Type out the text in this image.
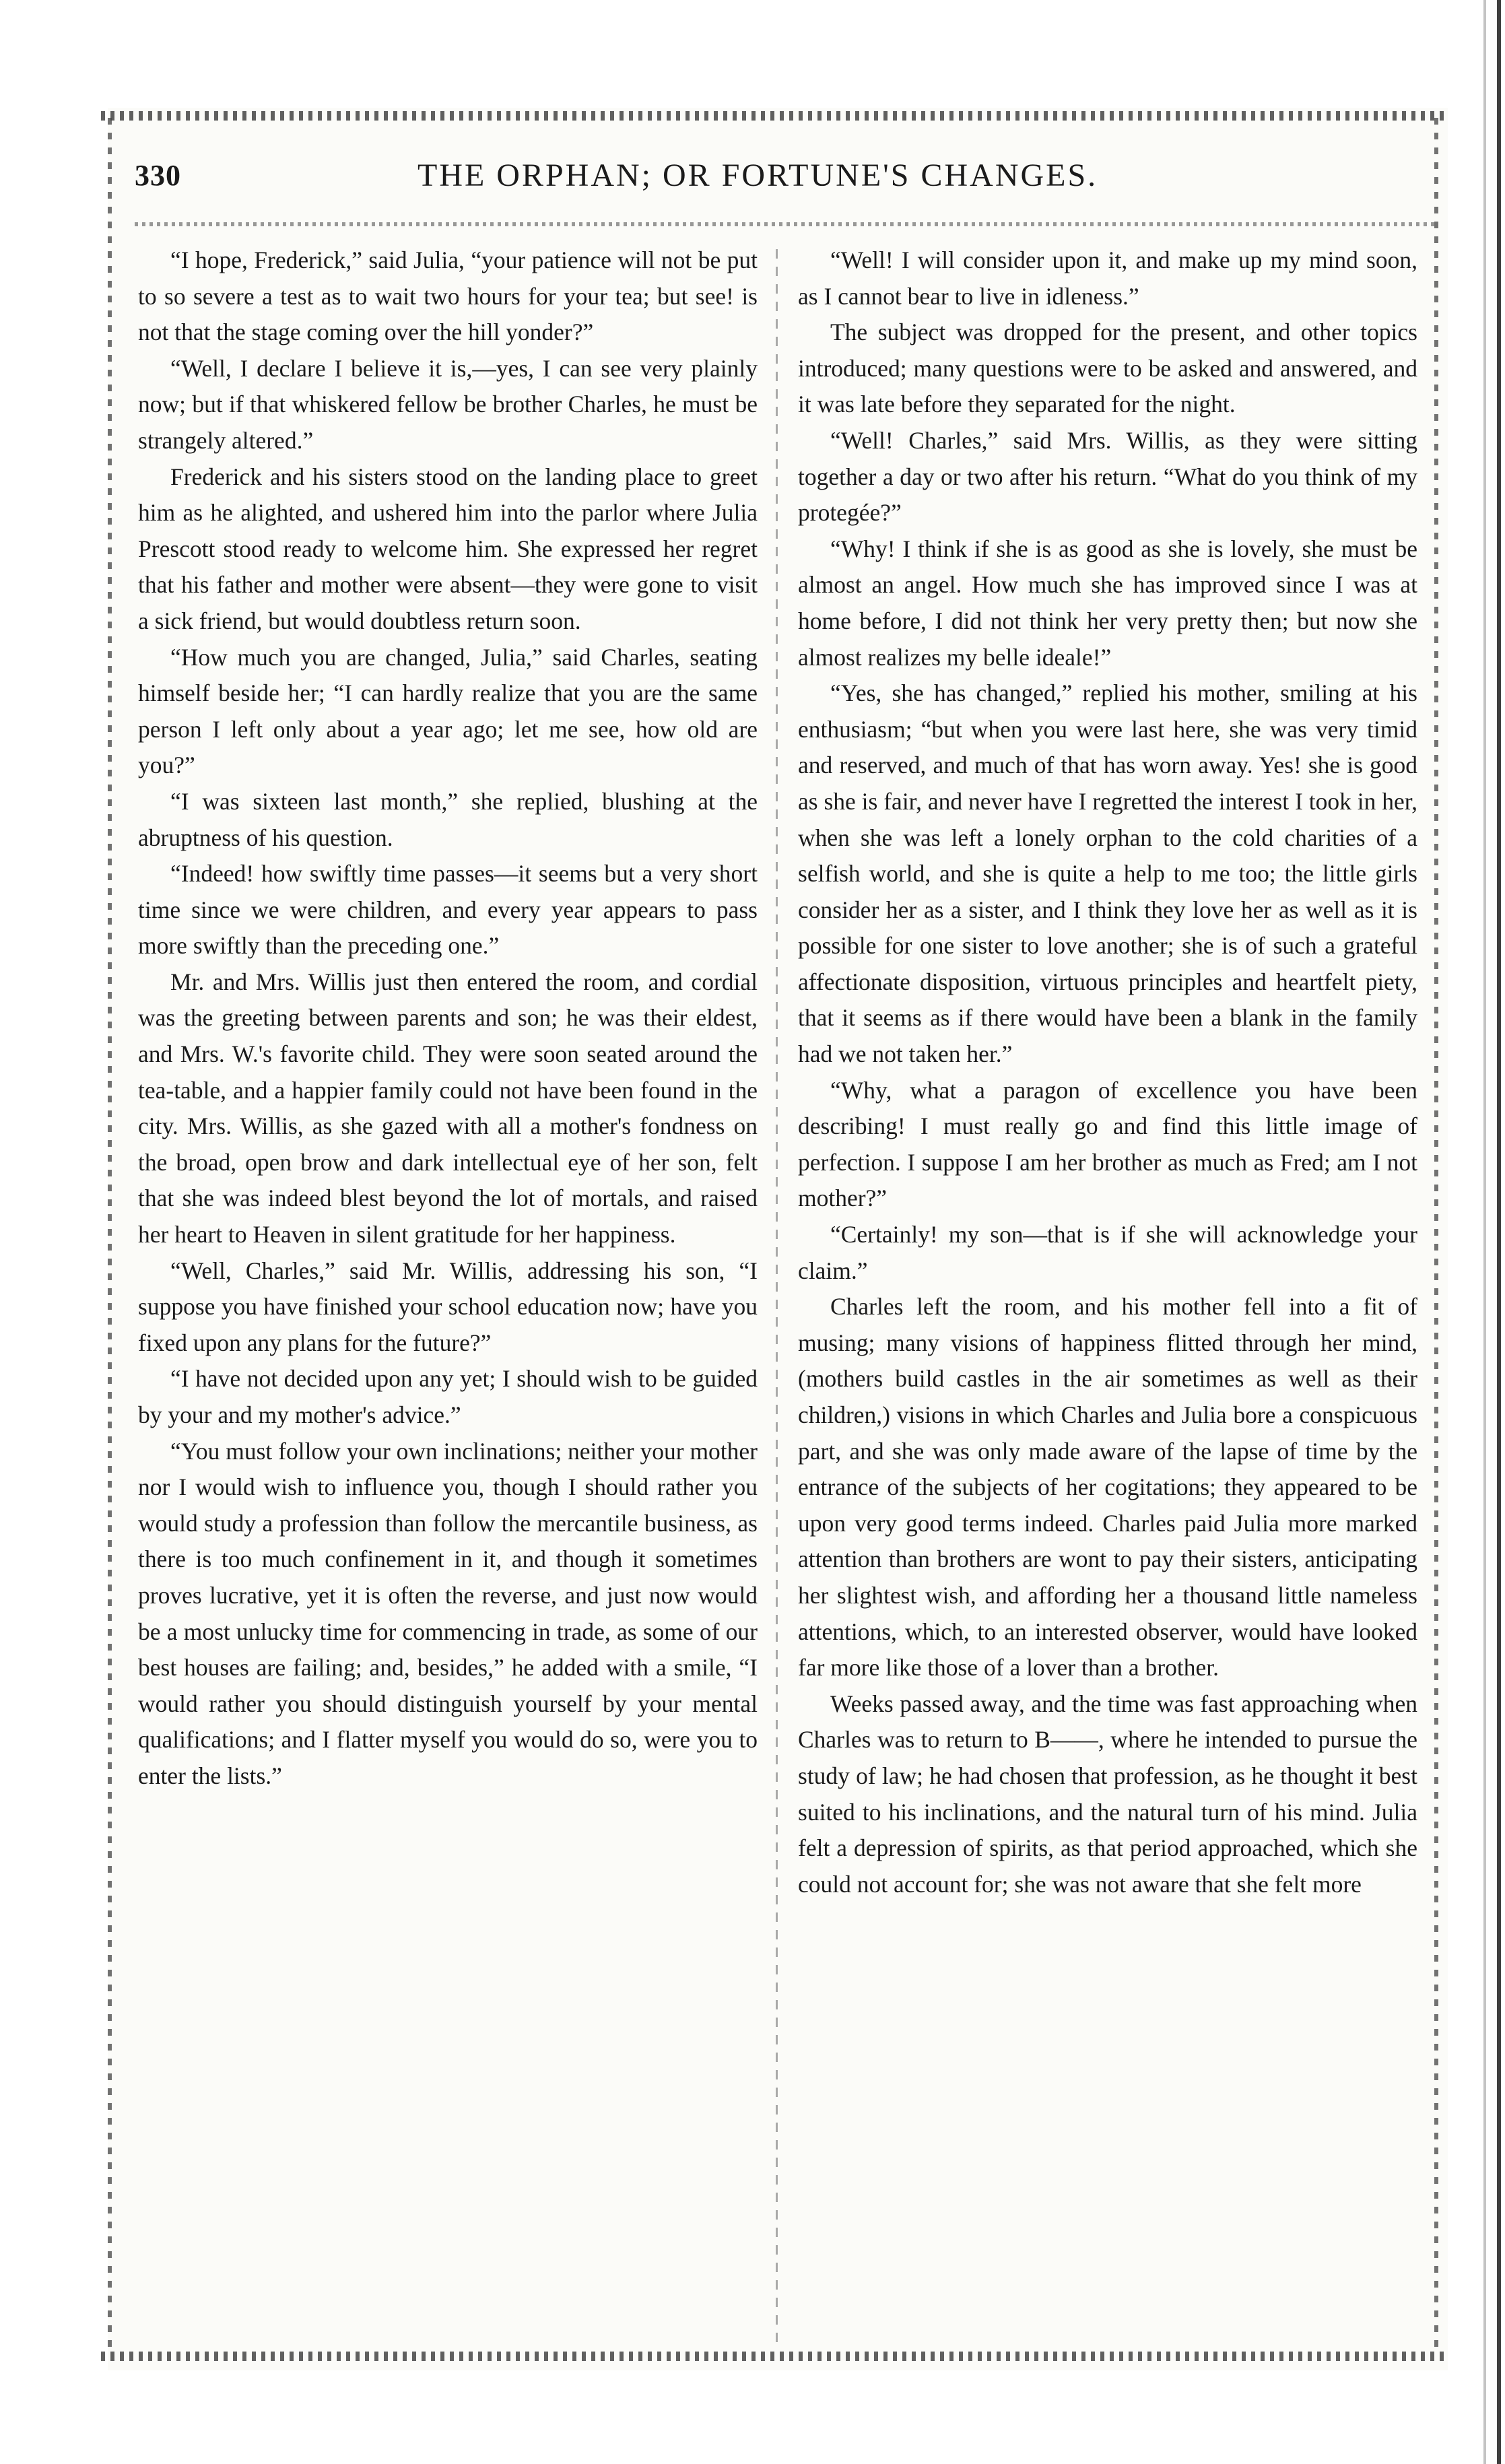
330	THE ORPHAN; OR FORTUNE'S CHANGES.

“I hope, Frederick,” said Julia, “your patience will not be put to so severe a test as to wait two hours for your tea; but see! is not that the stage coming over the hill yonder?”

“Well, I declare I believe it is,—yes, I can see very plainly now; but if that whiskered fellow be brother Charles, he must be strangely altered.”

Frederick and his sisters stood on the landing place to greet him as he alighted, and ushered him into the parlor where Julia Prescott stood ready to welcome him. She expressed her regret that his father and mother were absent—they were gone to visit a sick friend, but would doubtless return soon.

“How much you are changed, Julia,” said Charles, seating himself beside her; “I can hardly realize that you are the same person I left only about a year ago; let me see, how old are you?”

“I was sixteen last month,” she replied, blushing at the abruptness of his question.

“Indeed! how swiftly time passes—it seems but a very short time since we were children, and every year appears to pass more swiftly than the preceding one.”

Mr. and Mrs. Willis just then entered the room, and cordial was the greeting between parents and son; he was their eldest, and Mrs. W.'s favorite child. They were soon seated around the tea-table, and a happier family could not have been found in the city. Mrs. Willis, as she gazed with all a mother's fondness on the broad, open brow and dark intellectual eye of her son, felt that she was indeed blest beyond the lot of mortals, and raised her heart to Heaven in silent gratitude for her happiness.

“Well, Charles,” said Mr. Willis, addressing his son, “I suppose you have finished your school education now; have you fixed upon any plans for the future?”

“I have not decided upon any yet; I should wish to be guided by your and my mother's advice.”

“You must follow your own inclinations; neither your mother nor I would wish to influence you, though I should rather you would study a profession than follow the mercantile business, as there is too much confinement in it, and though it sometimes proves lucrative, yet it is often the reverse, and just now would be a most unlucky time for commencing in trade, as some of our best houses are failing; and, besides,” he added with a smile, “I would rather you should distinguish yourself by your mental qualifications; and I flatter myself you would do so, were you to enter the lists.”

“Well! I will consider upon it, and make up my mind soon, as I cannot bear to live in idleness.”

The subject was dropped for the present, and other topics introduced; many questions were to be asked and answered, and it was late before they separated for the night.

“Well! Charles,” said Mrs. Willis, as they were sitting together a day or two after his return. “What do you think of my protegée?”

“Why! I think if she is as good as she is lovely, she must be almost an angel. How much she has improved since I was at home before, I did not think her very pretty then; but now she almost realizes my belle ideale!”

“Yes, she has changed,” replied his mother, smiling at his enthusiasm; “but when you were last here, she was very timid and reserved, and much of that has worn away. Yes! she is good as she is fair, and never have I regretted the interest I took in her, when she was left a lonely orphan to the cold charities of a selfish world, and she is quite a help to me too; the little girls consider her as a sister, and I think they love her as well as it is possible for one sister to love another; she is of such a grateful affectionate disposition, virtuous principles and heartfelt piety, that it seems as if there would have been a blank in the family had we not taken her.”

“Why, what a paragon of excellence you have been describing! I must really go and find this little image of perfection. I suppose I am her brother as much as Fred; am I not mother?”

“Certainly! my son—that is if she will acknowledge your claim.”

Charles left the room, and his mother fell into a fit of musing; many visions of happiness flitted through her mind, (mothers build castles in the air sometimes as well as their children,) visions in which Charles and Julia bore a conspicuous part, and she was only made aware of the lapse of time by the entrance of the subjects of her cogitations; they appeared to be upon very good terms indeed. Charles paid Julia more marked attention than brothers are wont to pay their sisters, anticipating her slightest wish, and affording her a thousand little nameless attentions, which, to an interested observer, would have looked far more like those of a lover than a brother.

Weeks passed away, and the time was fast approaching when Charles was to return to B——, where he intended to pursue the study of law; he had chosen that profession, as he thought it best suited to his inclinations, and the natural turn of his mind. Julia felt a depression of spirits, as that period approached, which she could not account for; she was not aware that she felt more
